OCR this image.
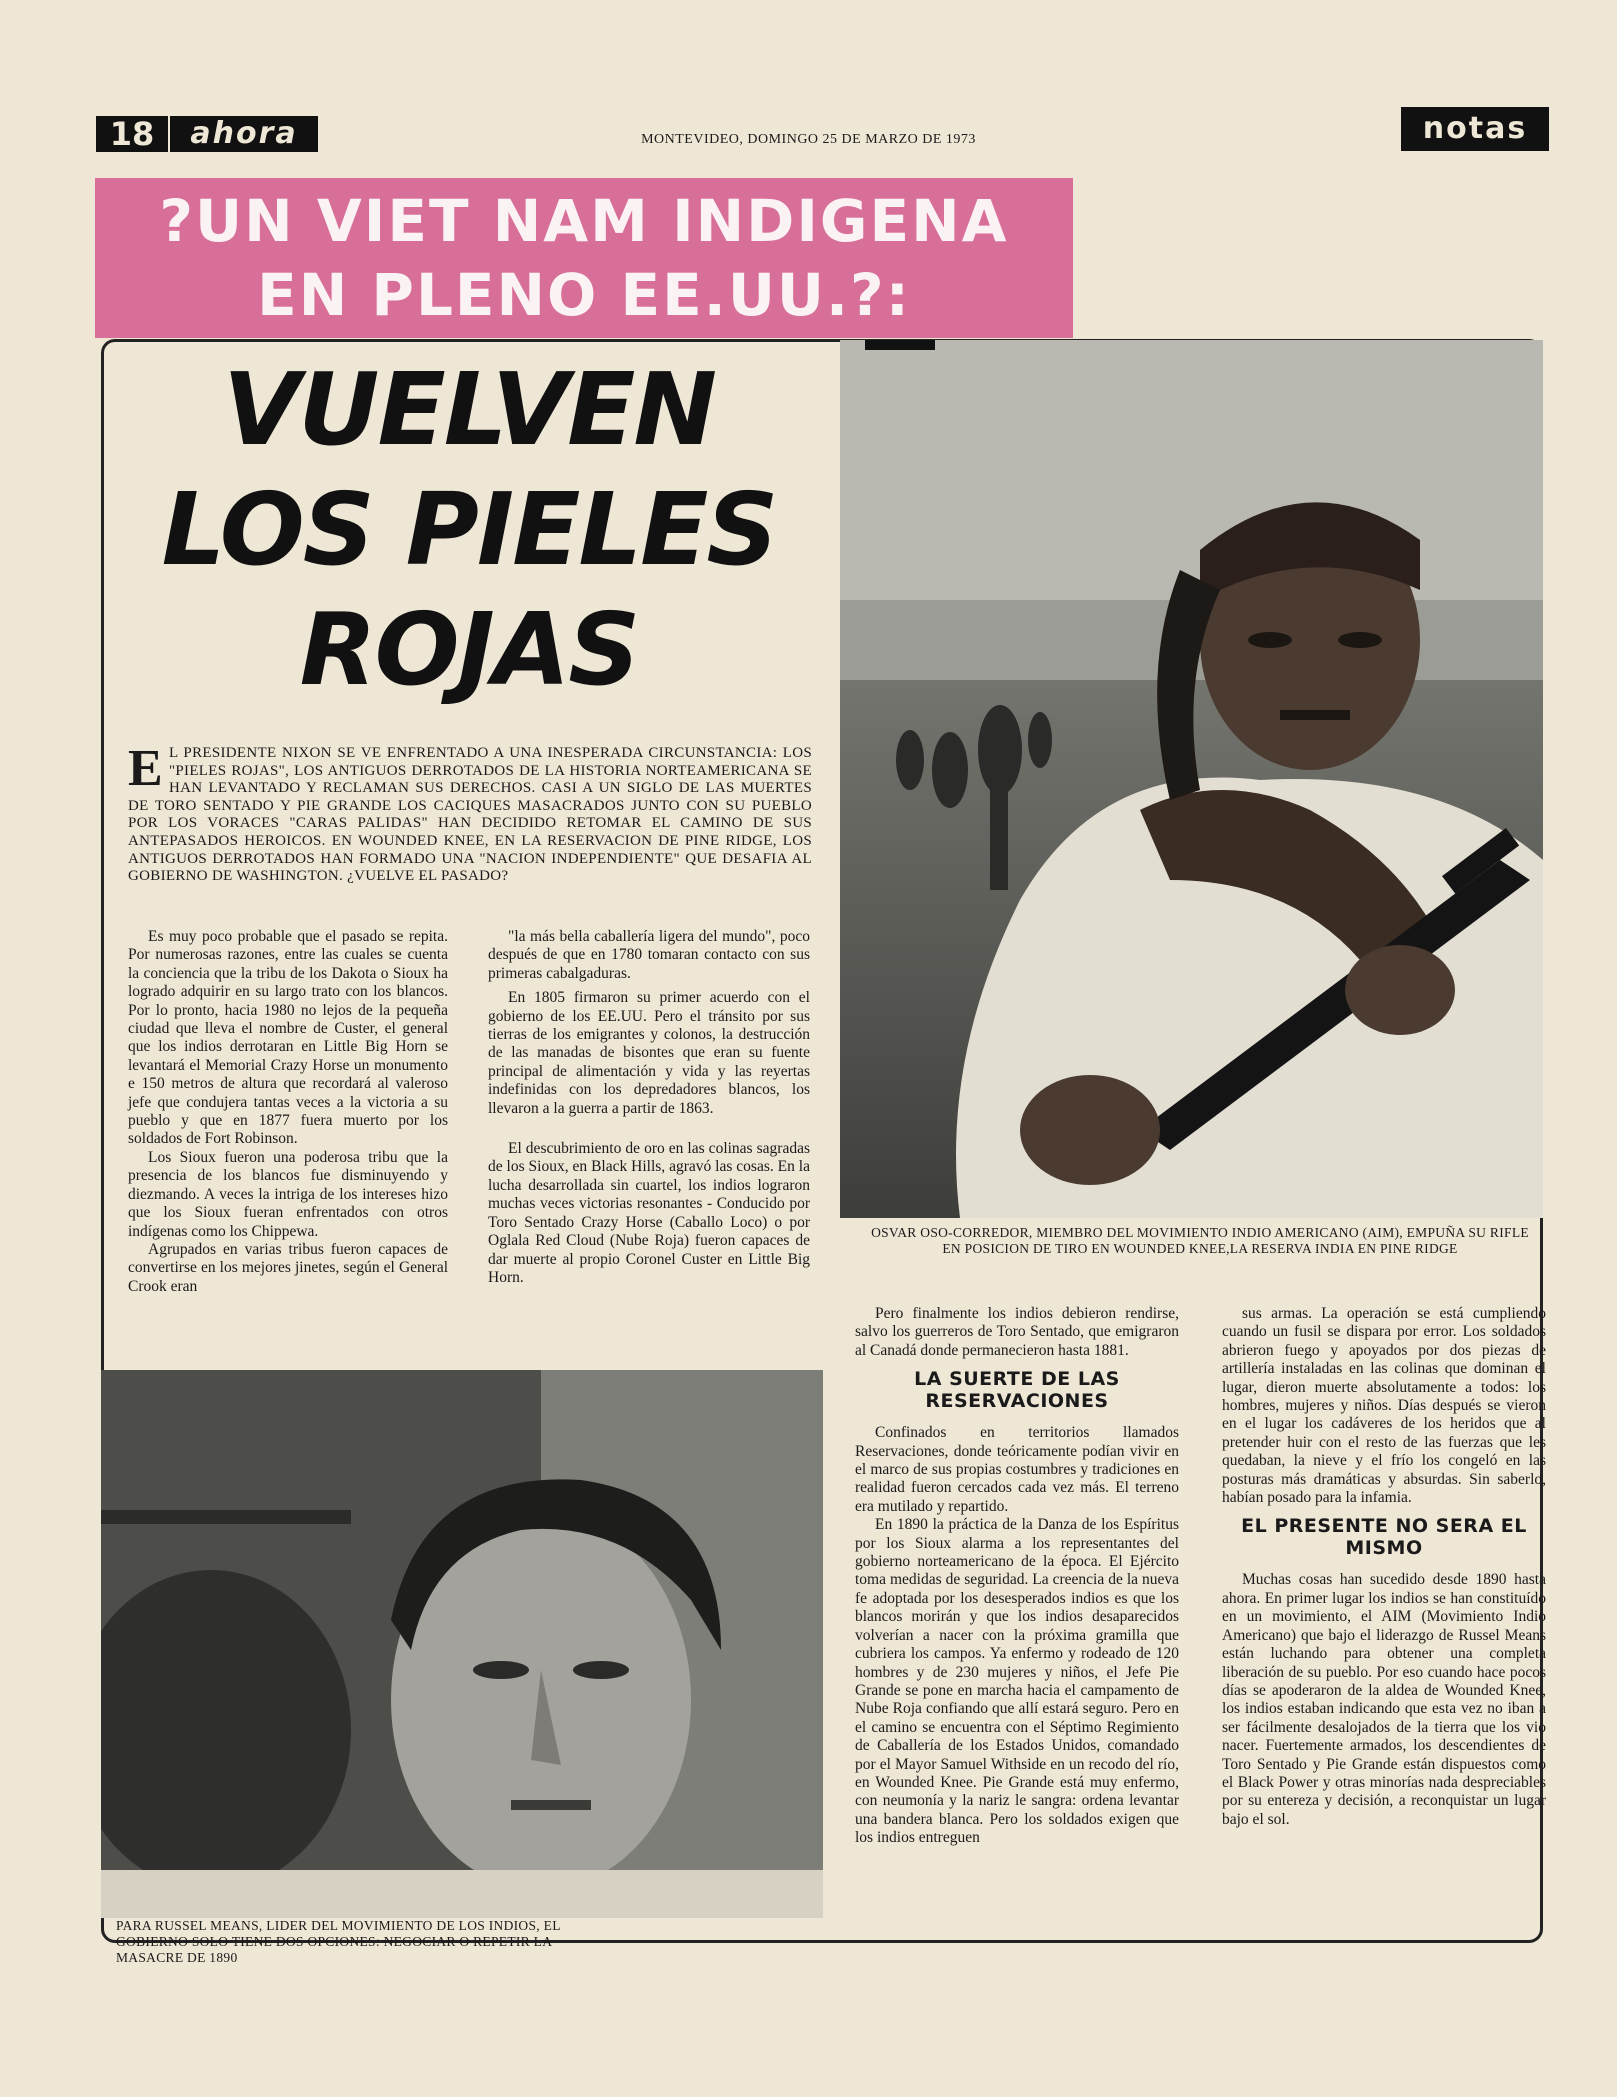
18	ahora	MONTEVIDEO, DOMINGO 25 DE MARZO DE 1973	notas
?UN VIET NAM INDIGENA
EN PLENO EE.UU.?:
VUELVEN
LOS PIELES
ROJAS
E L PRESIDENTE NIXON SE VE ENFRENTADO A UNA INESPERADA CIRCUNSTANCIA: LOS "PIELES ROJAS", LOS ANTIGUOS DERROTADOS DE LA HISTORIA NORTEAMERICANA SE HAN LEVANTADO Y RECLAMAN SUS DERECHOS. CASI A UN SIGLO DE LAS MUERTES DE TORO SENTADO Y PIE GRANDE LOS CACIQUES MASACRADOS JUNTO CON SU PUEBLO POR LOS VORACES "CARAS PALIDAS" HAN DECIDIDO RETOMAR EL CAMINO DE SUS ANTEPASADOS HEROICOS. EN WOUNDED KNEE, EN LA RESERVACION DE PINE RIDGE, LOS ANTIGUOS DERROTADOS HAN FORMADO UNA "NACION INDEPENDIENTE" QUE DESAFIA AL GOBIERNO DE WASHINGTON. ¿VUELVE EL PASADO?

Es muy poco probable que el pasado se repita. Por numerosas razones, entre las cuales se cuenta la conciencia que la tribu de los Dakota o Sioux ha logrado adquirir en su largo trato con los blancos. Por lo pronto, hacia 1980 no lejos de la pequeña ciudad que lleva el nombre de Custer, el general que los indios derrotaran en Little Big Horn se levantará el Memorial Crazy Horse un monumento e 150 metros de altura que recordará al valeroso jefe que condujera tantas veces a la victoria a su pueblo y que en 1877 fuera muerto por los soldados de Fort Robinson.

Los Sioux fueron una poderosa tribu que la presencia de los blancos fue disminuyendo y diezmando. A veces la intriga de los intereses hizo que los Sioux fueran enfrentados con otros indígenas como los Chippewa.

Agrupados en varias tribus fueron capaces de convertirse en los mejores jinetes, según el General Crook eran

"la más bella caballería ligera del mundo", poco después de que en 1780 tomaran contacto con sus primeras cabalgaduras.

En 1805 firmaron su primer acuerdo con el gobierno de los EE.UU. Pero el tránsito por sus tierras de los emigrantes y colonos, la destrucción de las manadas de bisontes que eran su fuente principal de alimentación y vida y las reyertas indefinidas con los depredadores blancos, los llevaron a la guerra a partir de 1863.

El descubrimiento de oro en las colinas sagradas de los Sioux, en Black Hills, agravó las cosas. En la lucha desarrollada sin cuartel, los indios lograron muchas veces victorias resonantes - Conducido por Toro Sentado Crazy Horse (Caballo Loco) o por Oglala Red Cloud (Nube Roja) fueron capaces de dar muerte al propio Coronel Custer en Little Big Horn.

OSVAR OSO-CORREDOR, MIEMBRO DEL MOVIMIENTO INDIO AMERICANO (AIM), EMPUÑA SU RIFLE EN POSICION DE TIRO EN WOUNDED KNEE,LA RESERVA INDIA EN PINE RIDGE
PARA RUSSEL MEANS, LIDER DEL MOVIMIENTO DE LOS INDIOS, EL GOBIERNO SOLO TIENE DOS OPCIONES: NEGOCIAR O REPETIR LA MASACRE DE 1890

Pero finalmente los indios debieron rendirse, salvo los guerreros de Toro Sentado, que emigraron al Canadá donde permanecieron hasta 1881.

LA SUERTE DE LAS RESERVACIONES

Confinados en territorios llamados Reservaciones, donde teóricamente podían vivir en el marco de sus propias costumbres y tradiciones en realidad fueron cercados cada vez más. El terreno era mutilado y repartido.

En 1890 la práctica de la Danza de los Espíritus por los Sioux alarma a los representantes del gobierno norteamericano de la época. El Ejército toma medidas de seguridad. La creencia de la nueva fe adoptada por los desesperados indios es que los blancos morirán y que los indios desaparecidos volverían a nacer con la próxima gramilla que cubriera los campos. Ya enfermo y rodeado de 120 hombres y de 230 mujeres y niños, el Jefe Pie Grande se pone en marcha hacia el campamento de Nube Roja confiando que allí estará seguro. Pero en el camino se encuentra con el Séptimo Regimiento de Caballería de los Estados Unidos, comandado por el Mayor Samuel Withside en un recodo del río, en Wounded Knee. Pie Grande está muy enfermo, con neumonía y la nariz le sangra: ordena levantar una bandera blanca. Pero los soldados exigen que los indios entreguen

sus armas. La operación se está cumpliendo cuando un fusil se dispara por error. Los soldados abrieron fuego y apoyados por dos piezas de artillería instaladas en las colinas que dominan el lugar, dieron muerte absolutamente a todos: los hombres, mujeres y niños. Días después se vieron en el lugar los cadáveres de los heridos que al pretender huir con el resto de las fuerzas que les quedaban, la nieve y el frío los congeló en las posturas más dramáticas y absurdas. Sin saberlo, habían posado para la infamia.

EL PRESENTE NO SERA EL MISMO

Muchas cosas han sucedido desde 1890 hasta ahora. En primer lugar los indios se han constituído en un movimiento, el AIM (Movimiento Indio Americano) que bajo el liderazgo de Russel Means están luchando para obtener una completa liberación de su pueblo. Por eso cuando hace pocos días se apoderaron de la aldea de Wounded Knee, los indios estaban indicando que esta vez no iban a ser fácilmente desalojados de la tierra que los vio nacer. Fuertemente armados, los descendientes de Toro Sentado y Pie Grande están dispuestos como el Black Power y otras minorías nada despreciables por su entereza y decisión, a reconquistar un lugar bajo el sol.
